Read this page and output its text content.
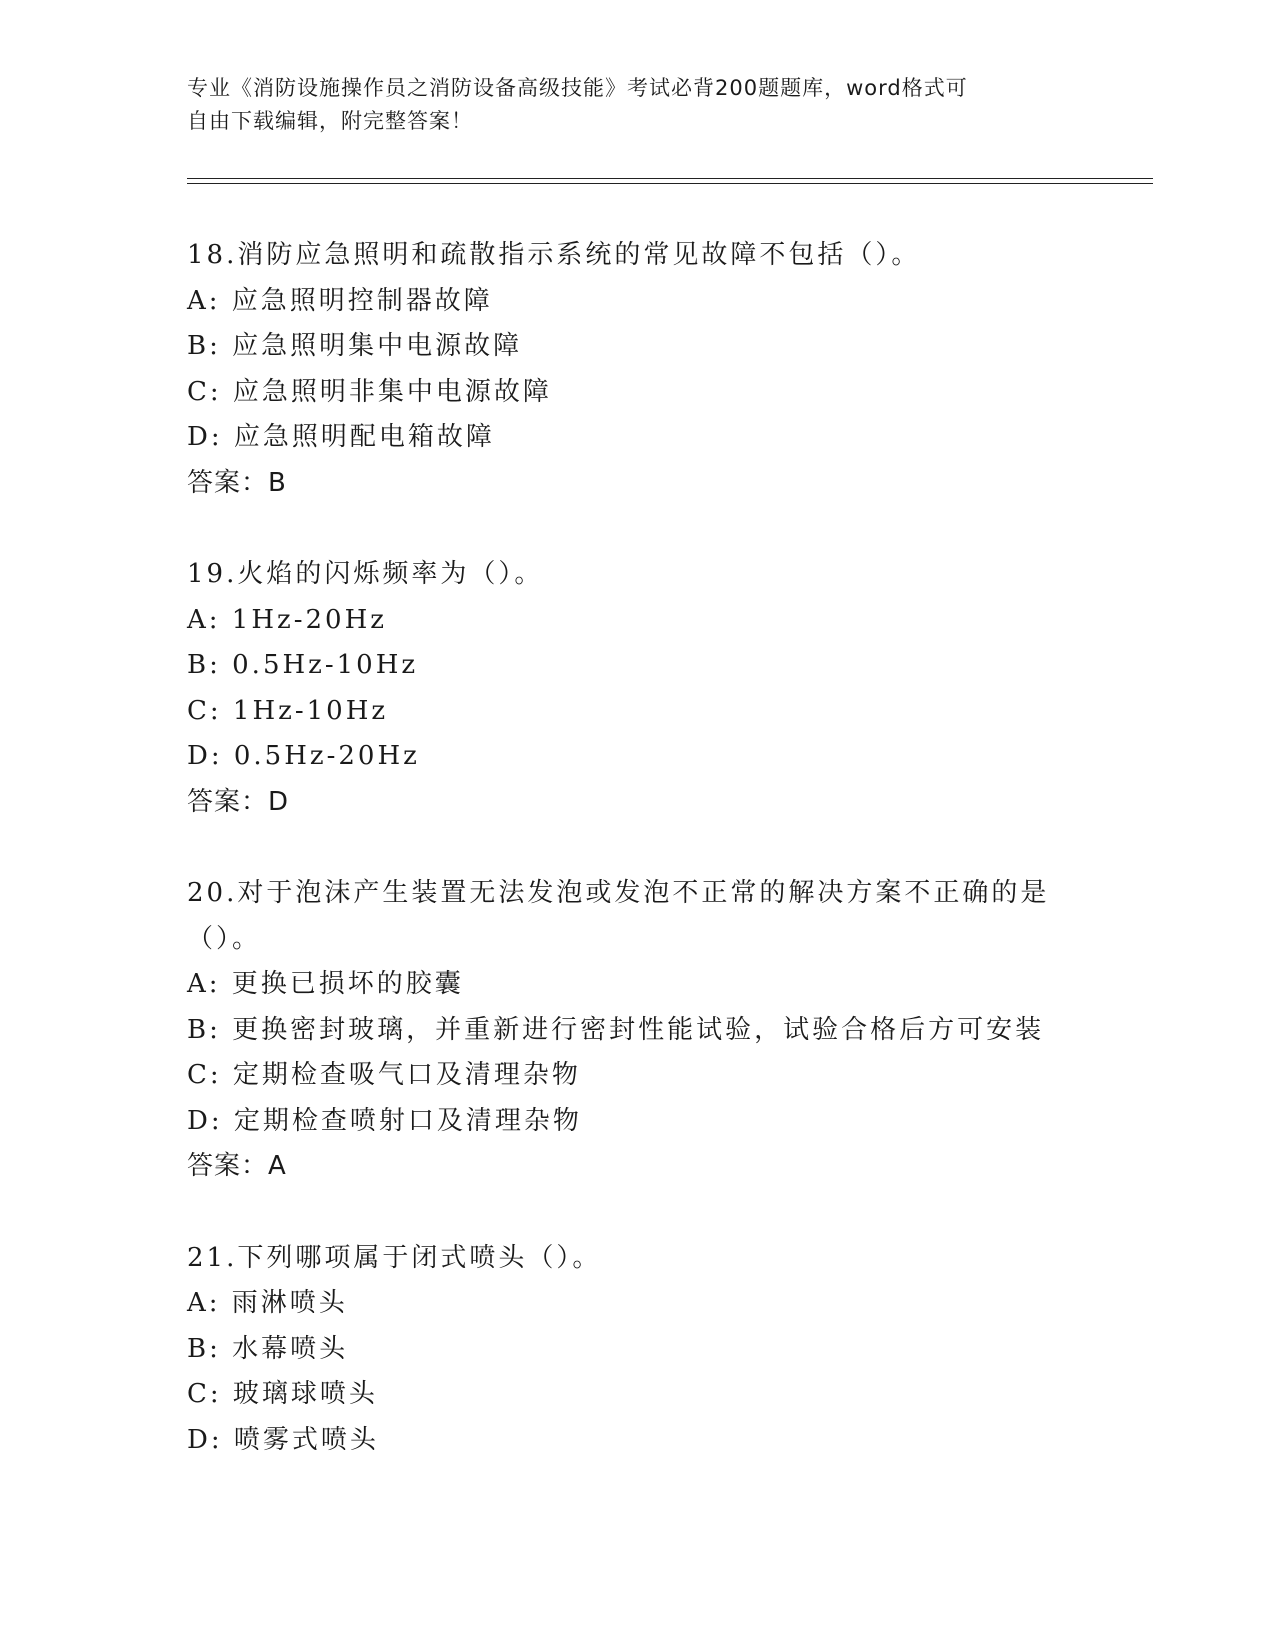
专业《消防设施操作员之消防设备高级技能》考试必背200题题库，word格式可
自由下载编辑，附完整答案！
18.消防应急照明和疏散指示系统的常见故障不包括（）。
A: 应急照明控制器故障
B: 应急照明集中电源故障
C: 应急照明非集中电源故障
D: 应急照明配电箱故障
答案：B
19.火焰的闪烁频率为（）。
A: 1Hz-20Hz
B: 0.5Hz-10Hz
C: 1Hz-10Hz
D: 0.5Hz-20Hz
答案：D
20.对于泡沫产生装置无法发泡或发泡不正常的解决方案不正确的是（）。
A: 更换已损坏的胶囊
B: 更换密封玻璃，并重新进行密封性能试验，试验合格后方可安装
C: 定期检查吸气口及清理杂物
D: 定期检查喷射口及清理杂物
答案：A
21.下列哪项属于闭式喷头（）。
A: 雨淋喷头
B: 水幕喷头
C: 玻璃球喷头
D: 喷雾式喷头
